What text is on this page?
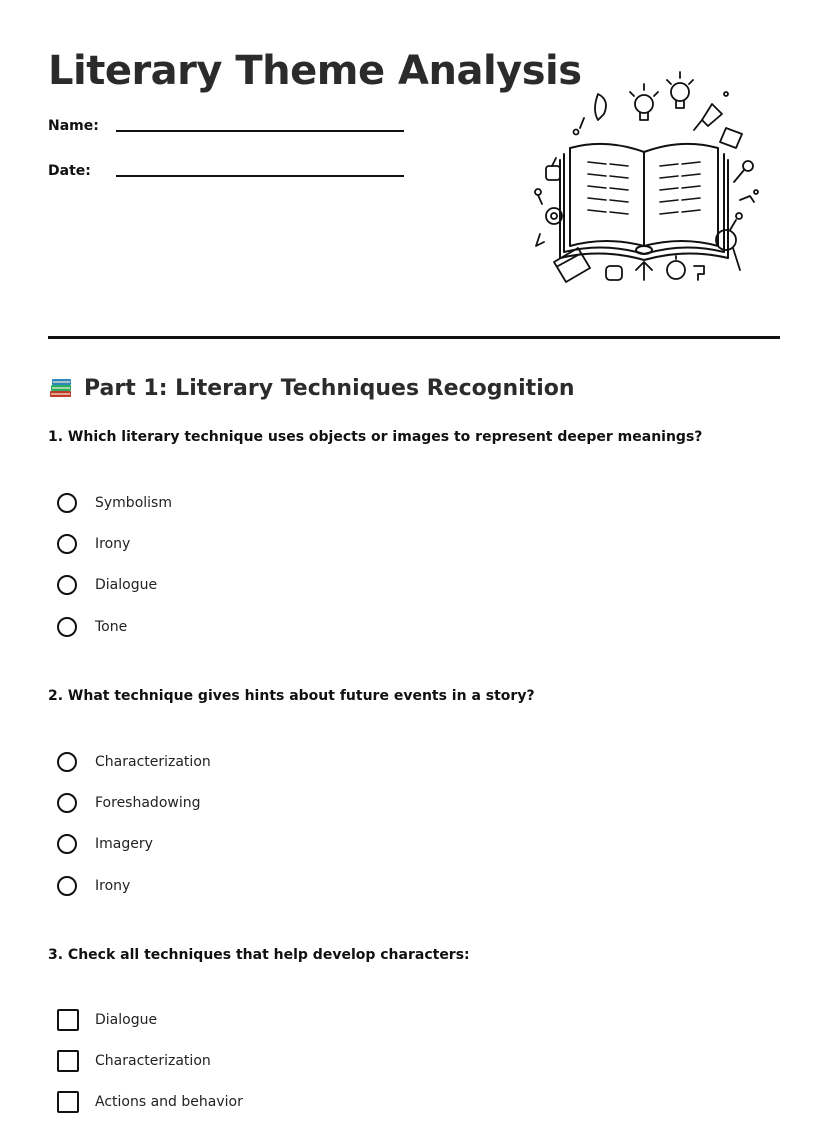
Literary Theme Analysis
Name:
Date:
Part 1: Literary Techniques Recognition
1. Which literary technique uses objects or images to represent deeper meanings?
Symbolism
Irony
Dialogue
Tone
2. What technique gives hints about future events in a story?
Characterization
Foreshadowing
Imagery
Irony
3. Check all techniques that help develop characters:
Dialogue
Characterization
Actions and behavior
